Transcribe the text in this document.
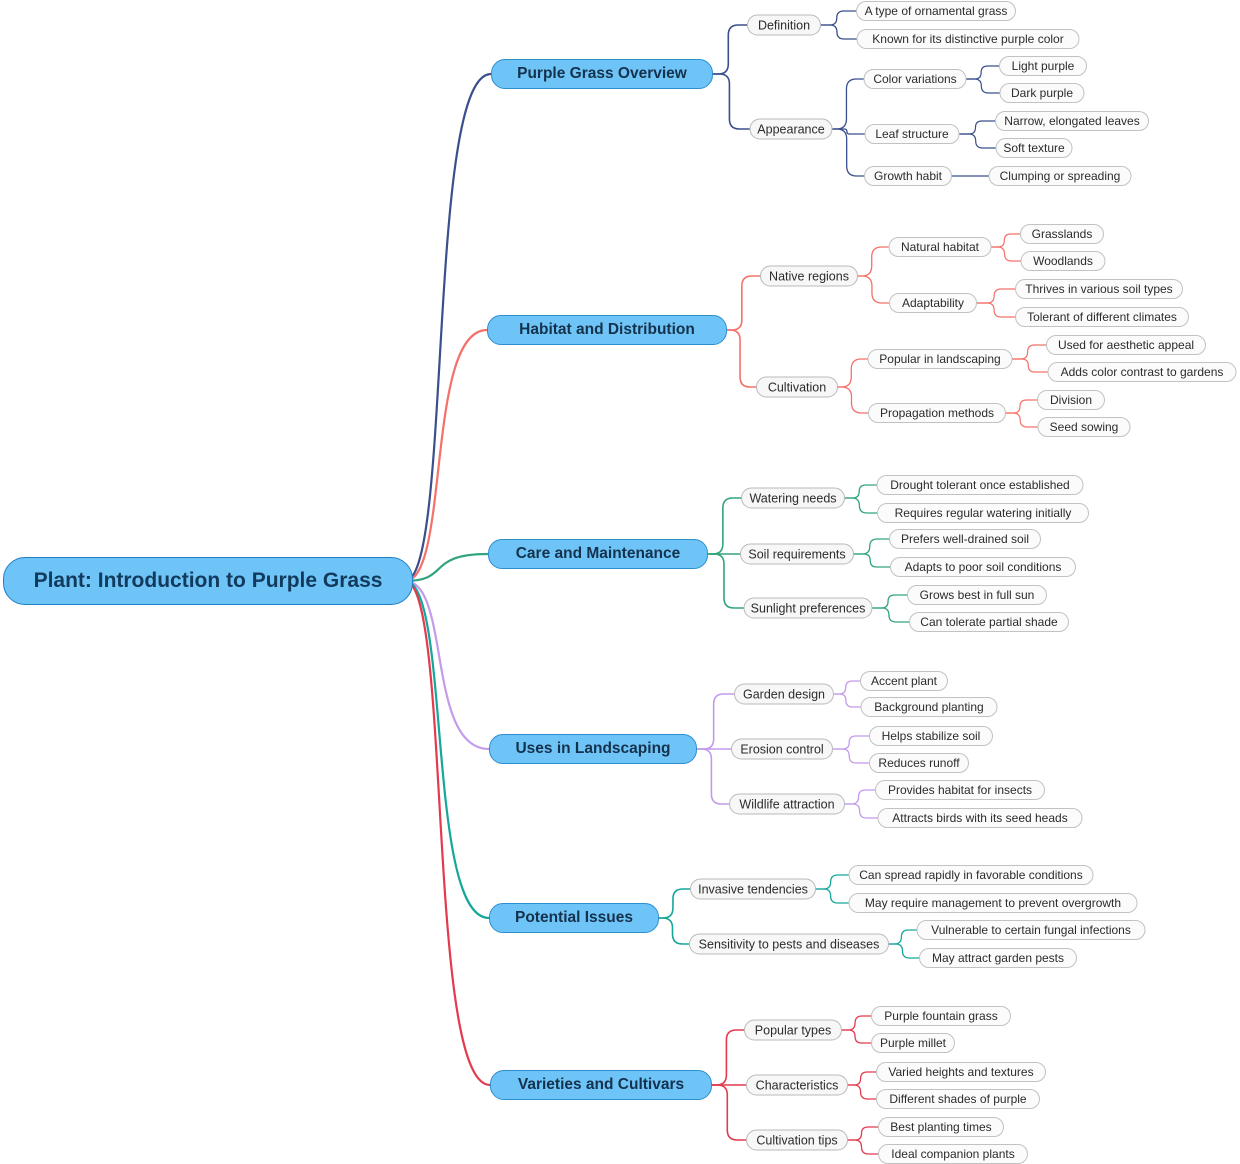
Purple Grass Overview
Definition
A type of ornamental grass
Known for its distinctive purple color
Appearance
Color variations
Light purple
Dark purple
Leaf structure
Narrow, elongated leaves
Soft texture
Growth habit	Clumping or spreading
Habitat and Distribution
Native regions
Natural habitat
Grasslands
Woodlands
Adaptability
Thrives in various soil types
Tolerant of different climates
Cultivation
Popular in landscaping
Used for aesthetic appeal
Adds color contrast to gardens
Propagation methods
Division
Seed sowing
Care and Maintenance
Watering needs
Drought tolerant once established
Requires regular watering initially
Soil requirements
Prefers well-drained soil
Adapts to poor soil conditions
Sunlight preferences
Grows best in full sun
Can tolerate partial shade
Uses in Landscaping
Garden design
Accent plant
Background planting
Erosion control
Helps stabilize soil
Reduces runoff
Wildlife attraction
Provides habitat for insects
Attracts birds with its seed heads
Potential Issues
Invasive tendencies
Can spread rapidly in favorable conditions
May require management to prevent overgrowth
Sensitivity to pests and diseases
Vulnerable to certain fungal infections
May attract garden pests
Varieties and Cultivars
Popular types
Purple fountain grass
Purple millet
Characteristics
Varied heights and textures
Different shades of purple
Cultivation tips
Best planting times
Ideal companion plants
Plant: Introduction to Purple Grass
